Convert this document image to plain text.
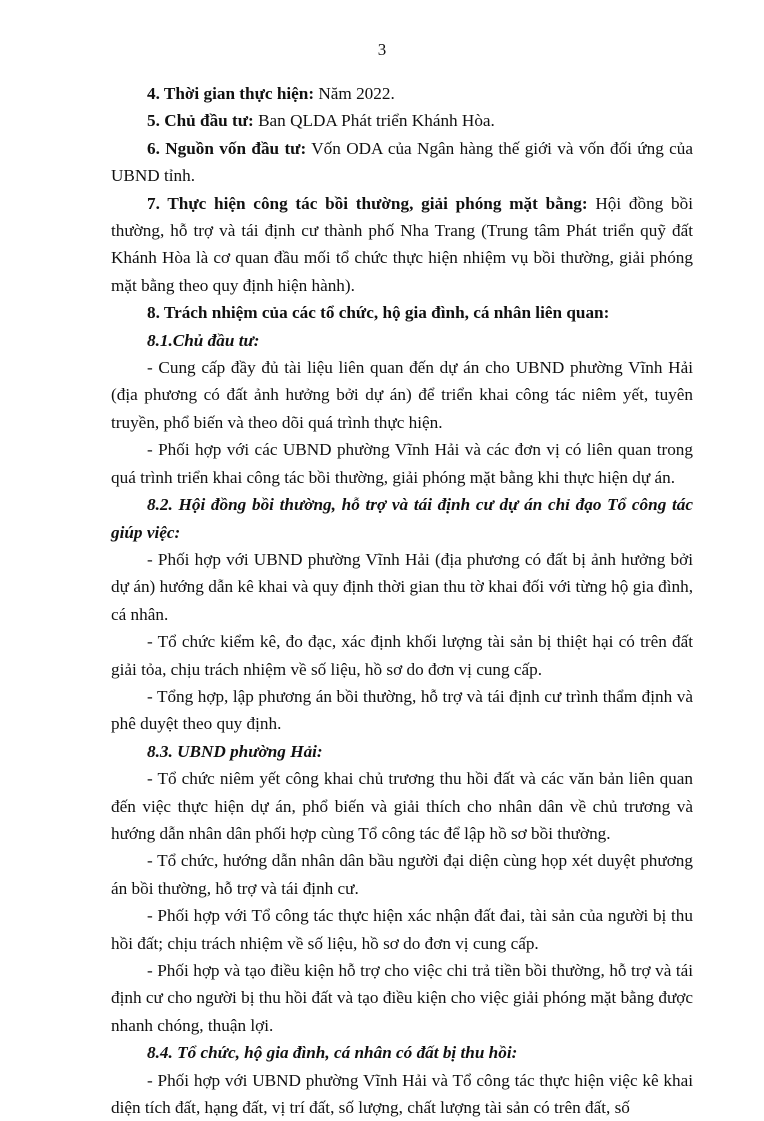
3

4. Thời gian thực hiện: Năm 2022.

5. Chủ đầu tư: Ban QLDA Phát triển Khánh Hòa.

6. Nguồn vốn đầu tư: Vốn ODA của Ngân hàng thế giới và vốn đối ứng của UBND tỉnh.

7. Thực hiện công tác bồi thường, giải phóng mặt bằng: Hội đồng bồi thường, hỗ trợ và tái định cư thành phố Nha Trang (Trung tâm Phát triển quỹ đất Khánh Hòa là cơ quan đầu mối tổ chức thực hiện nhiệm vụ bồi thường, giải phóng mặt bằng theo quy định hiện hành).

8. Trách nhiệm của các tổ chức, hộ gia đình, cá nhân liên quan:

8.1.Chủ đầu tư:

- Cung cấp đầy đủ tài liệu liên quan đến dự án cho UBND phường Vĩnh Hải (địa phương có đất ảnh hưởng bởi dự án) để triển khai công tác niêm yết, tuyên truyền, phổ biến và theo dõi quá trình thực hiện.

- Phối hợp với các UBND phường Vĩnh Hải và các đơn vị có liên quan trong quá trình triển khai công tác bồi thường, giải phóng mặt bằng khi thực hiện dự án.

8.2. Hội đồng bồi thường, hỗ trợ và tái định cư dự án chỉ đạo Tổ công tác giúp việc:

- Phối hợp với UBND phường Vĩnh Hải (địa phương có đất bị ảnh hưởng bởi dự án) hướng dẫn kê khai và quy định thời gian thu tờ khai đối với từng hộ gia đình, cá nhân.

- Tổ chức kiểm kê, đo đạc, xác định khối lượng tài sản bị thiệt hại có trên đất giải tỏa, chịu trách nhiệm về số liệu, hồ sơ do đơn vị cung cấp.

- Tổng hợp, lập phương án bồi thường, hỗ trợ và tái định cư trình thẩm định và phê duyệt theo quy định.

8.3. UBND phường Hải:

- Tổ chức niêm yết công khai chủ trương thu hồi đất và các văn bản liên quan đến việc thực hiện dự án, phổ biến và giải thích cho nhân dân về chủ trương và hướng dẫn nhân dân phối hợp cùng Tổ công tác để lập hồ sơ bồi thường.

- Tổ chức, hướng dẫn nhân dân bầu người đại diện cùng họp xét duyệt phương án bồi thường, hỗ trợ và tái định cư.

- Phối hợp với Tổ công tác thực hiện xác nhận đất đai, tài sản của người bị thu hồi đất; chịu trách nhiệm về số liệu, hồ sơ do đơn vị cung cấp.

- Phối hợp và tạo điều kiện hỗ trợ cho việc chi trả tiền bồi thường, hỗ trợ và tái định cư cho người bị thu hồi đất và tạo điều kiện cho việc giải phóng mặt bằng được nhanh chóng, thuận lợi.

8.4. Tổ chức, hộ gia đình, cá nhân có đất bị thu hồi:

- Phối hợp với UBND phường Vĩnh Hải và Tổ công tác thực hiện việc kê khai diện tích đất, hạng đất, vị trí đất, số lượng, chất lượng tài sản có trên đất, số
